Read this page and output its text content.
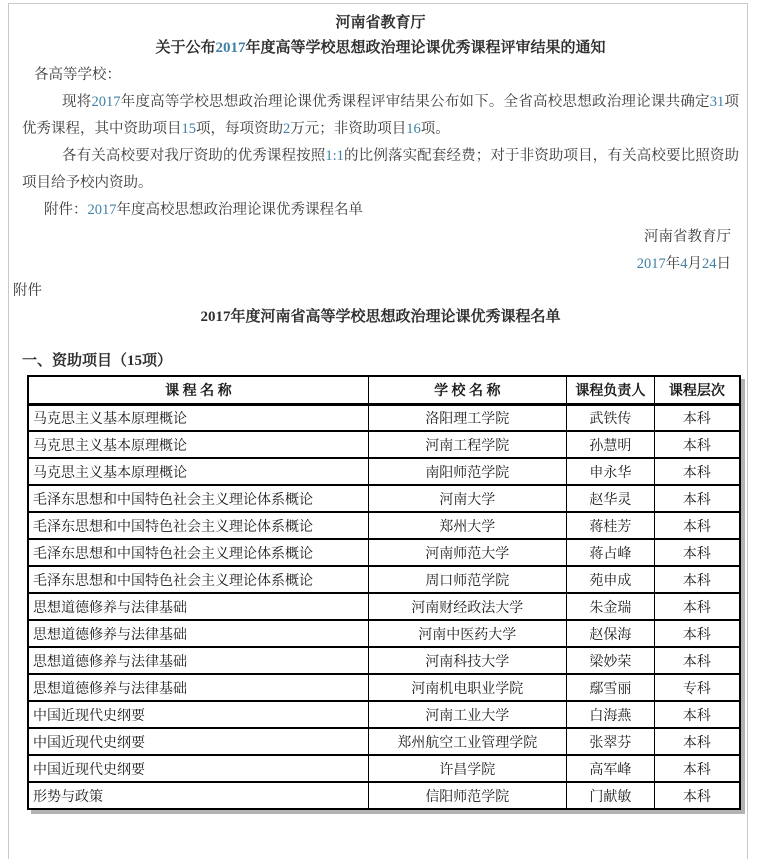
河南省教育厅
关于公布2017年度高等学校思想政治理论课优秀课程评审结果的通知
各高等学校：
现将2017年度高等学校思想政治理论课优秀课程评审结果公布如下。全省高校思想政治理论课共确定31项优秀课程，其中资助项目15项，每项资助2万元；非资助项目16项。
各有关高校要对我厅资助的优秀课程按照1:1的比例落实配套经费；对于非资助项目，有关高校要比照资助项目给予校内资助。
附件：2017年度高校思想政治理论课优秀课程名单
河南省教育厅
2017年4月24日
附件
2017年度河南省高等学校思想政治理论课优秀课程名单
一、资助项目（15项）
课 程 名 称	学 校 名 称	课程负责人	课程层次
马克思主义基本原理概论	洛阳理工学院	武铁传	本科
马克思主义基本原理概论	河南工程学院	孙慧明	本科
马克思主义基本原理概论	南阳师范学院	申永华	本科
毛泽东思想和中国特色社会主义理论体系概论	河南大学	赵华灵	本科
毛泽东思想和中国特色社会主义理论体系概论	郑州大学	蒋桂芳	本科
毛泽东思想和中国特色社会主义理论体系概论	河南师范大学	蒋占峰	本科
毛泽东思想和中国特色社会主义理论体系概论	周口师范学院	苑申成	本科
思想道德修养与法律基础	河南财经政法大学	朱金瑞	本科
思想道德修养与法律基础	河南中医药大学	赵保海	本科
思想道德修养与法律基础	河南科技大学	梁妙荣	本科
思想道德修养与法律基础	河南机电职业学院	鄢雪丽	专科
中国近现代史纲要	河南工业大学	白海燕	本科
中国近现代史纲要	郑州航空工业管理学院	张翠芬	本科
中国近现代史纲要	许昌学院	高军峰	本科
形势与政策	信阳师范学院	门献敏	本科
